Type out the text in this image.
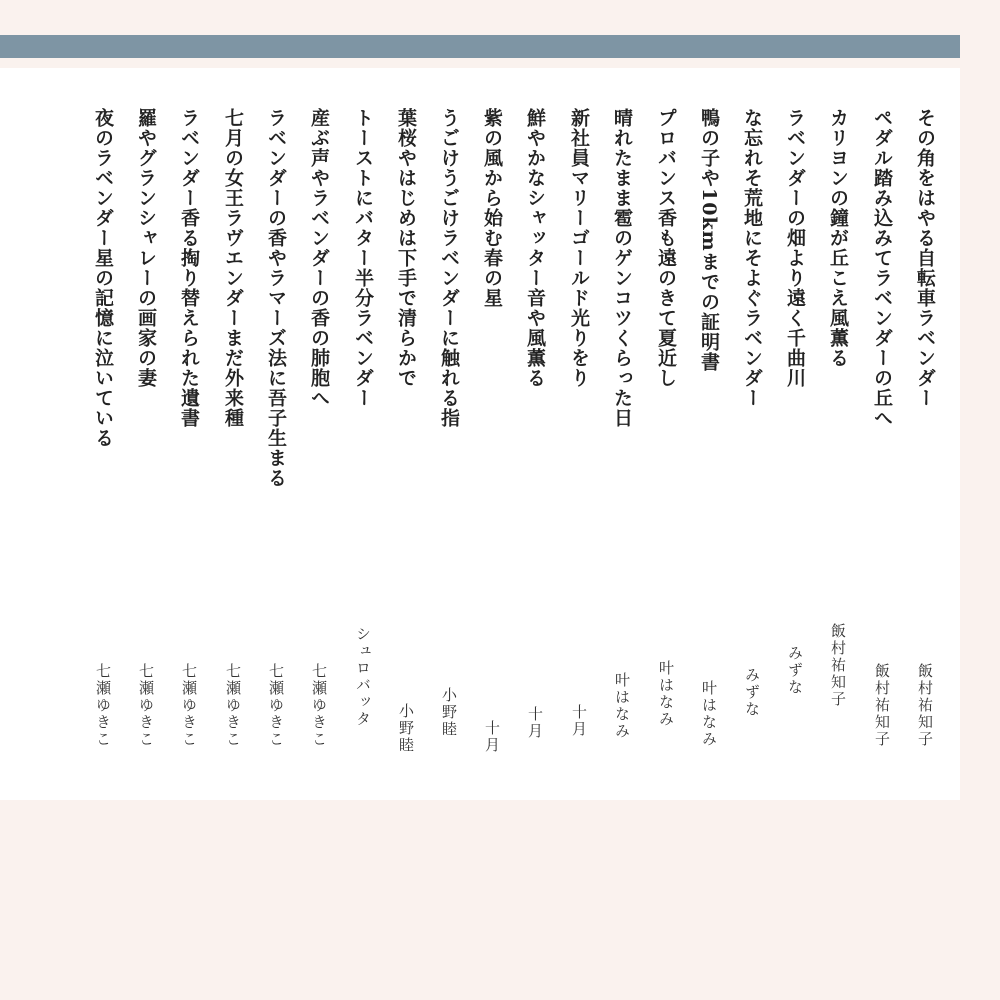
その角をはやる自転車ラベンダー
飯村祐知子
ペダル踏み込みてラベンダーの丘へ
飯村祐知子
カリヨンの鐘が丘こえ風薫る
飯村祐知子
ラベンダーの畑より遠く千曲川
みずな
な忘れそ荒地にそよぐラベンダー
みずな
鴨の子や10kmまでの証明書
叶はなみ
プロバンス香も遠のきて夏近し
叶はなみ
晴れたまま雹のゲンコツくらった日
叶はなみ
新社員マリーゴールド光りをり
十月
鮮やかなシャッター音や風薫る
十月
紫の風から始む春の星
十月
うごけうごけラベンダーに触れる指
小野睦
葉桜やはじめは下手で清らかで
小野睦
トーストにバター半分ラベンダー
シュロバッタ
産ぶ声やラベンダーの香の肺胞へ
七瀬ゆきこ
ラベンダーの香やラマーズ法に吾子生まる
七瀬ゆきこ
七月の女王ラヴエンダーまだ外来種
七瀬ゆきこ
ラベンダー香る掏り替えられた遺書
七瀬ゆきこ
羅やグランシャレーの画家の妻
七瀬ゆきこ
夜のラベンダー星の記憶に泣いている
七瀬ゆきこ
